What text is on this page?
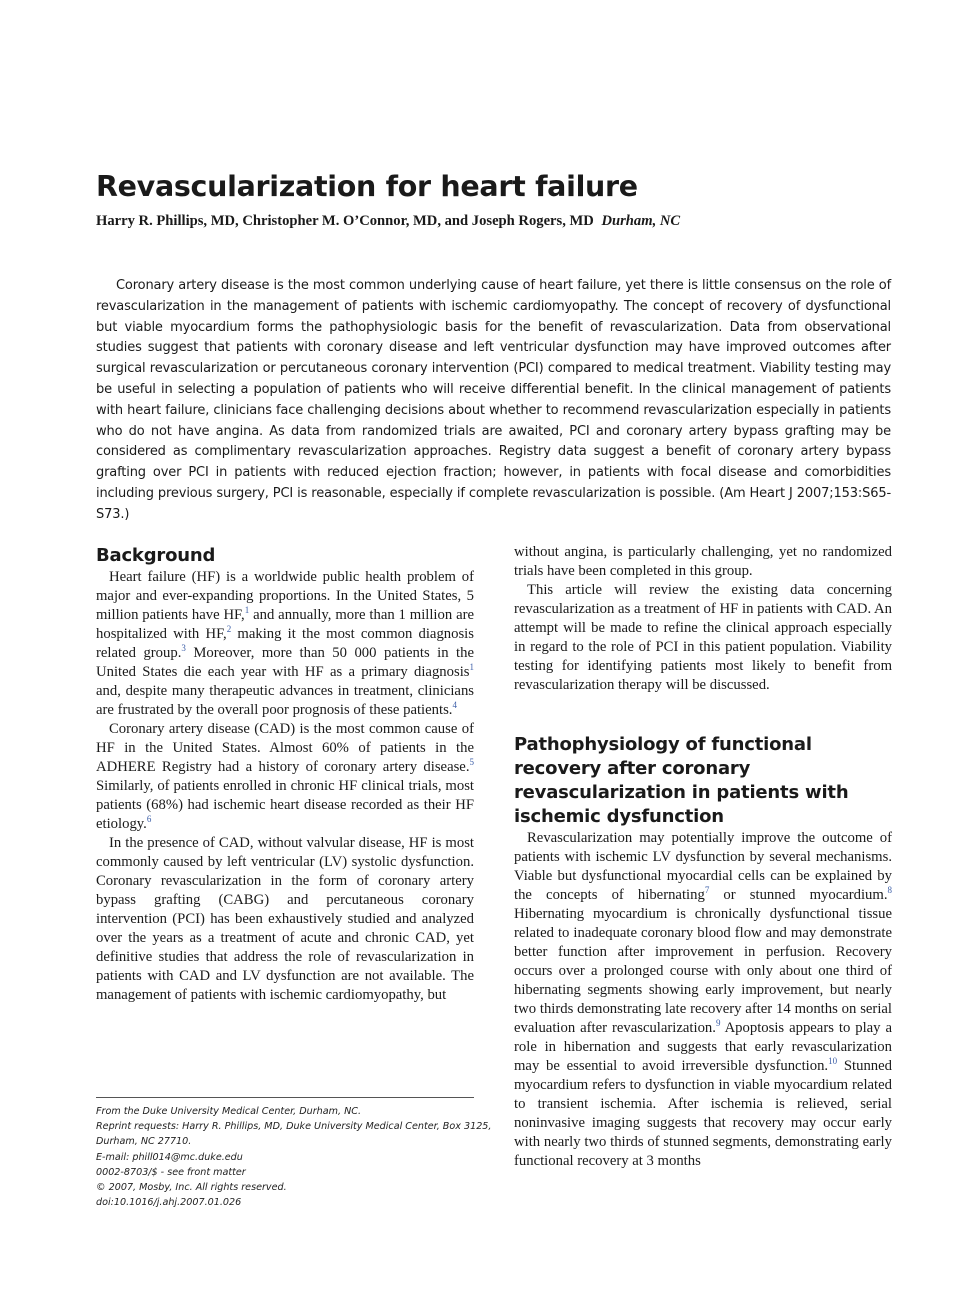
Revascularization for heart failure
Harry R. Phillips, MD, Christopher M. O’Connor, MD, and Joseph Rogers, MD Durham, NC

Coronary artery disease is the most common underlying cause of heart failure, yet there is little consensus on the role of revascularization in the management of patients with ischemic cardiomyopathy. The concept of recovery of dysfunctional but viable myocardium forms the pathophysiologic basis for the benefit of revascularization. Data from observational studies suggest that patients with coronary disease and left ventricular dysfunction may have improved outcomes after surgical revascularization or percutaneous coronary intervention (PCI) compared to medical treatment. Viability testing may be useful in selecting a population of patients who will receive differential benefit. In the clinical management of patients with heart failure, clinicians face challenging decisions about whether to recommend revascularization especially in patients who do not have angina. As data from randomized trials are awaited, PCI and coronary artery bypass grafting may be considered as complimentary revascularization approaches. Registry data suggest a benefit of coronary artery bypass grafting over PCI in patients with reduced ejection fraction; however, in patients with focal disease and comorbidities including previous surgery, PCI is reasonable, especially if complete revascularization is possible. (Am Heart J 2007;153:S65-S73.)

Background

Heart failure (HF) is a worldwide public health problem of major and ever-expanding proportions. In the United States, 5 million patients have HF,$^1$ and annually, more than 1 million are hospitalized with HF,$^2$ making it the most common diagnosis related group.$^3$ Moreover, more than 50 000 patients in the United States die each year with HF as a primary diagnosis$^1$ and, despite many therapeutic advances in treatment, clinicians are frustrated by the overall poor prognosis of these patients.$^4$

Coronary artery disease (CAD) is the most common cause of HF in the United States. Almost 60% of patients in the ADHERE Registry had a history of coronary artery disease.$^5$ Similarly, of patients enrolled in chronic HF clinical trials, most patients (68%) had ischemic heart disease recorded as their HF etiology.$^6$

In the presence of CAD, without valvular disease, HF is most commonly caused by left ventricular (LV) systolic dysfunction. Coronary revascularization in the form of coronary artery bypass grafting (CABG) and percutaneous coronary intervention (PCI) has been exhaustively studied and analyzed over the years as a treatment of acute and chronic CAD, yet definitive studies that address the role of revascularization in patients with CAD and LV dysfunction are not available. The management of patients with ischemic cardiomyopathy, but

without angina, is particularly challenging, yet no randomized trials have been completed in this group.

This article will review the existing data concerning revascularization as a treatment of HF in patients with CAD. An attempt will be made to refine the clinical approach especially in regard to the role of PCI in this patient population. Viability testing for identifying patients most likely to benefit from revascularization therapy will be discussed.

Pathophysiology of functional recovery after coronary revascularization in patients with ischemic dysfunction

Revascularization may potentially improve the outcome of patients with ischemic LV dysfunction by several mechanisms. Viable but dysfunctional myocardial cells can be explained by the concepts of hibernating$^7$ or stunned myocardium.$^8$ Hibernating myocardium is chronically dysfunctional tissue related to inadequate coronary blood flow and may demonstrate better function after improvement in perfusion. Recovery occurs over a prolonged course with only about one third of hibernating segments showing early improvement, but nearly two thirds demonstrating late recovery after 14 months on serial evaluation after revascularization.$^9$ Apoptosis appears to play a role in hibernation and suggests that early revascularization may be essential to avoid irreversible dysfunction.$^{10}$ Stunned myocardium refers to dysfunction in viable myocardium related to transient ischemia. After ischemia is relieved, serial noninvasive imaging suggests that recovery may occur early with nearly two thirds of stunned segments, demonstrating early functional recovery at 3 months

From the Duke University Medical Center, Durham, NC.
Reprint requests: Harry R. Phillips, MD, Duke University Medical Center, Box 3125,
Durham, NC 27710.
E-mail: phill014@mc.duke.edu
0002-8703/$ - see front matter
© 2007, Mosby, Inc. All rights reserved.
doi:10.1016/j.ahj.2007.01.026
